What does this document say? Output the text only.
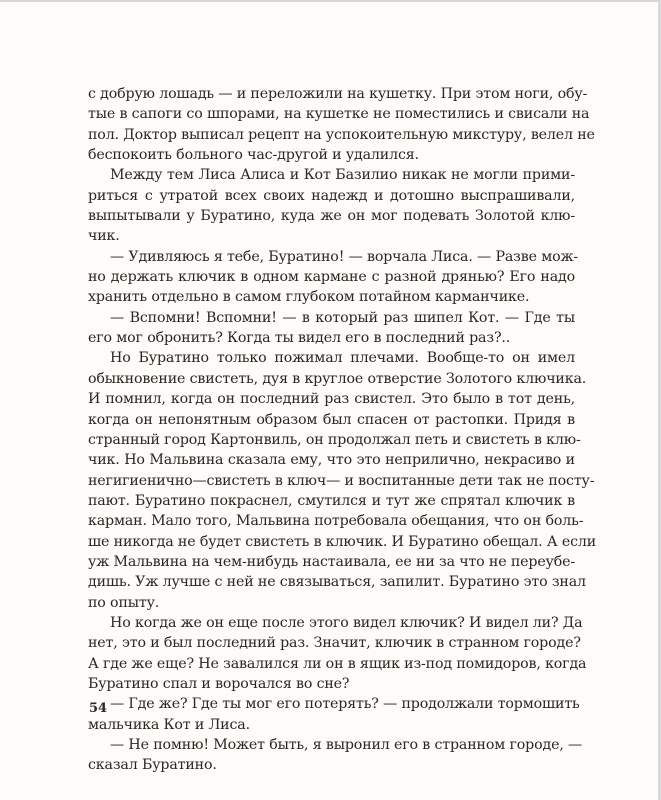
с добрую лошадь — и переложили на кушетку. При этом ноги, обу-
тые в сапоги со шпорами, на кушетке не поместились и свисали на
пол. Доктор выписал рецепт на успокоительную микстуру, велел не
беспокоить больного час-другой и удалился.
Между тем Лиса Алиса и Кот Базилио никак не могли прими-
риться с утратой всех своих надежд и дотошно выспрашивали,
выпытывали у Буратино, куда же он мог подевать Золотой клю-
чик.
— Удивляюсь я тебе, Буратино! — ворчала Лиса. — Разве мож-
но держать ключик в одном кармане с разной дрянью? Его надо
хранить отдельно в самом глубоком потайном карманчике.
— Вспомни! Вспомни! — в который раз шипел Кот. — Где ты
его мог обронить? Когда ты видел его в последний раз?..
Но Буратино только пожимал плечами. Вообще-то он имел
обыкновение свистеть, дуя в круглое отверстие Золотого ключика.
И помнил, когда он последний раз свистел. Это было в тот день,
когда он непонятным образом был спасен от растопки. Придя в
странный город Картонвиль, он продолжал петь и свистеть в клю-
чик. Но Мальвина сказала ему, что это неприлично, некрасиво и
негигиенично—свистеть в ключ— и воспитанные дети так не посту-
пают. Буратино покраснел, смутился и тут же спрятал ключик в
карман. Мало того, Мальвина потребовала обещания, что он боль-
ше никогда не будет свистеть в ключик. И Буратино обещал. А если
уж Мальвина на чем-нибудь настаивала, ее ни за что не переубе-
дишь. Уж лучше с ней не связываться, запилит. Буратино это знал
по опыту.
Но когда же он еще после этого видел ключик? И видел ли? Да
нет, это и был последний раз. Значит, ключик в странном городе?
А где же еще? Не завалился ли он в ящик из-под помидоров, когда
Буратино спал и ворочался во сне?
— Где же? Где ты мог его потерять? — продолжали тормошить
мальчика Кот и Лиса.
— Не помню! Может быть, я выронил его в странном городе, —
сказал Буратино.
54
